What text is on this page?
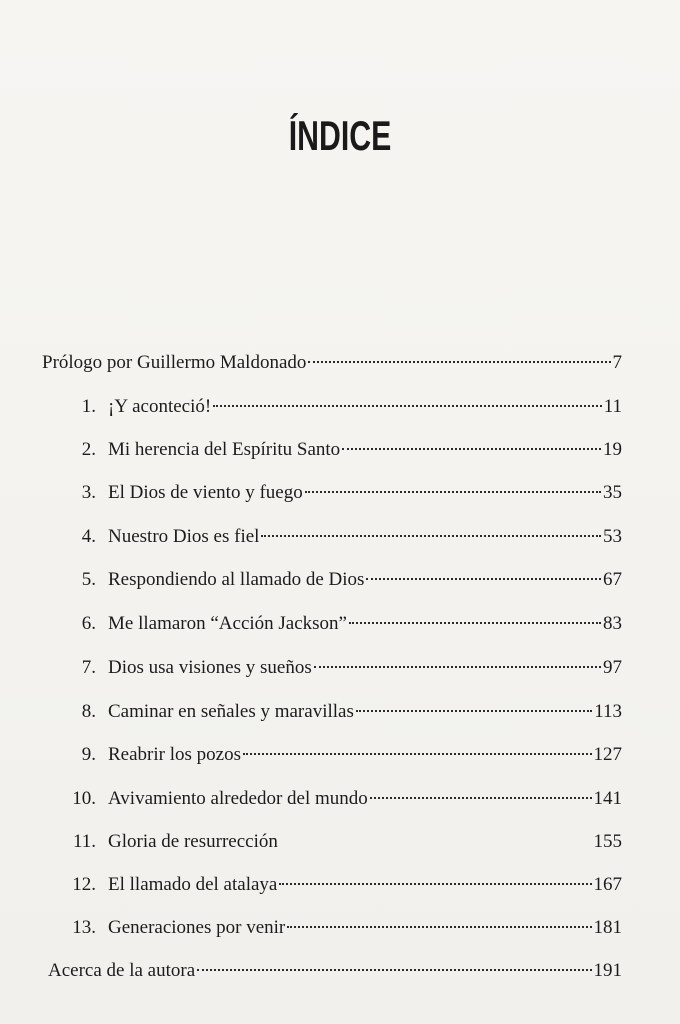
ÍNDICE
Prólogo por Guillermo Maldonado	7
1. ¡Y aconteció!	11
2. Mi herencia del Espíritu Santo	19
3. El Dios de viento y fuego	35
4. Nuestro Dios es fiel	53
5. Respondiendo al llamado de Dios	67
6. Me llamaron “Acción Jackson”	83
7. Dios usa visiones y sueños	97
8. Caminar en señales y maravillas	113
9. Reabrir los pozos	127
10. Avivamiento alrededor del mundo	141
11. Gloria de resurrección	155
12. El llamado del atalaya	167
13. Generaciones por venir	181
Acerca de la autora	191
